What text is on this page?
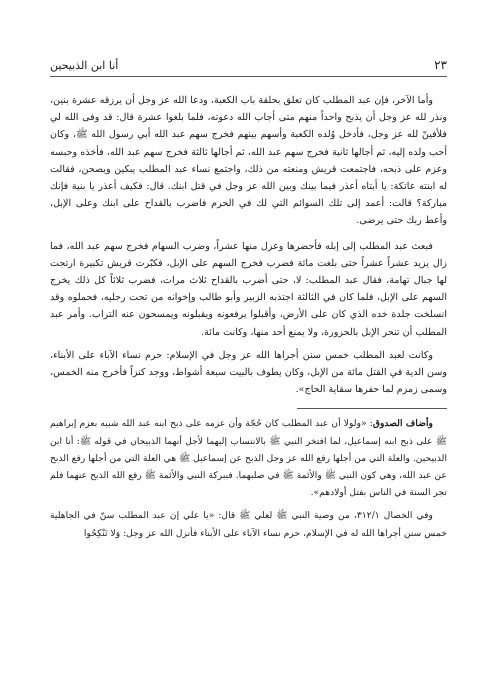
٢٣
أنا ابن الذبيحين

وأما الآخر، فإن عبد المطلب كان تعلق بحلقة باب الكعبة، ودعا الله عز وجل أن يرزقه عشرة بنين، ونذر لله عز وجل أن يذبح واحداً منهم متى أجاب الله دعوته، فلما بلغوا عشرة قال: قد وفى الله لي فلأفينّ لله عز وجل، فأدخل وُلده الكعبة وأسهم بينهم فخرج سهم عبد الله أبي رسول الله ﷺ، وكان أحب ولده إليه، ثم أجالها ثانية فخرج سهم عبد الله، ثم أجالها ثالثة فخرج سهم عبد الله، فأخذه وحبسه وعزم على ذبحه، فاجتمعت قريش ومنعته من ذلك، واجتمع نساء عبد المطلب يبكين ويصحن، فقالت له ابنته عاتكة: يا أبتاه أعذر فيما بينك وبين الله عز وجل في قتل ابنك. قال: فكيف أعذر يا بنية فإنك مباركة؟ قالت: أعمد إلى تلك السوائم التي لك في الحرم فاضرب بالقداح على ابنك وعلى الإبل، وأعط ربك حتى يرضى.

فبعث عبد المطلب إلى إبله فأحضرها وعزل منها عشراً، وضرب السهام فخرج سهم عبد الله، فما زال يزيد عشراً عشراً حتى بلغت مائة فضرب فخرج السهم على الإبل، فكبّرت قريش تكبيرة ارتجت لها جبال تهامة، فقال عبد المطلب: لا، حتى أضرب بالقداح ثلاث مرات، فضرب ثلاثاً كل ذلك يخرج السهم على الإبل، فلما كان في الثالثة اجتذبه الزبير وأبو طالب وإخوانه من تحت رجليه، فحملوه وقد انسلخت جلدة خده الذي كان على الأرض، وأقبلوا يرفعونه ويقبلونه ويمسحون عنه التراب. وأمر عبد المطلب أن تنحر الإبل بالحزورة، ولا يمنع أحد منها، وكانت مائة.

وكانت لعبد المطلب خمس سنن أجراها الله عز وجل في الإسلام: حرم نساء الآباء على الأبناء، وسن الدية في القتل مائة من الإبل، وكان يطوف بالبيت سبعة أشواط، ووجد كنزاً فأخرج منه الخمس، وسمى زمزم لما حفرها سقاية الحاج».

وأضاف الصدوق: «ولولا أن عبد المطلب كان حُجّة وأن عزمه على ذبح ابنه عبد الله شبيه بعزم إبراهيم ﷺ على ذبح ابنه إسماعيل، لما افتخر النبي ﷺ بالانتساب إليهما لأجل أنهما الذبيحان في قوله ﷺ: أنا ابن الذبيحين. والعلة التي من أجلها رفع الله عز وجل الذبح عن إسماعيل ﷺ هي العلة التي من أجلها رفع الذبح عن عبد الله، وهي كون النبي ﷺ والأئمة ﷺ في صلبهما. فببركة النبي والأئمة ﷺ رفع الله الذبح عنهما فلم تجر السنة في الناس بقتل أولادهم».

وفي الخصال ٣١٢/١، من وصية النبي ﷺ لعلي ﷺ قال: «يا علي إن عبد المطلب سنّ في الجاهلية خمس سنن أجراها الله له في الإسلام، حرم نساء الآباء على الأبناء فأنزل الله عز وجل: وَلا تَنْكِحُوا
